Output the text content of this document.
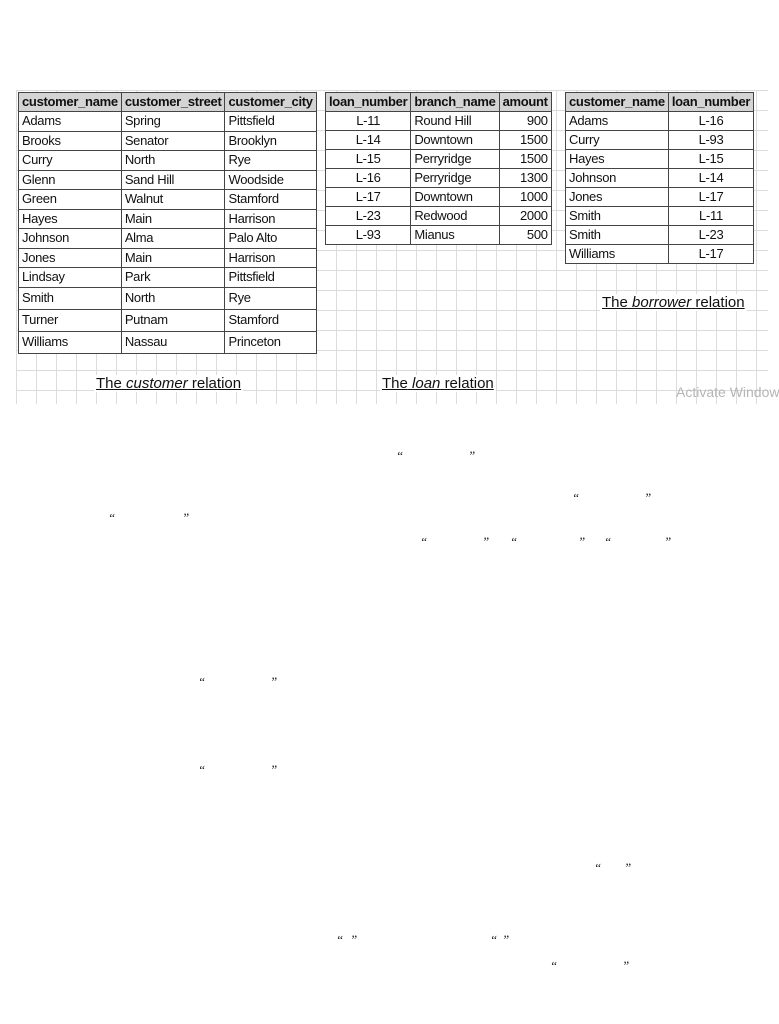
customer_name	customer_street	customer_city
Adams	Spring	Pittsfield
Brooks	Senator	Brooklyn
Curry	North	Rye
Glenn	Sand Hill	Woodside
Green	Walnut	Stamford
Hayes	Main	Harrison
Johnson	Alma	Palo Alto
Jones	Main	Harrison
Lindsay	Park	Pittsfield
Smith	North	Rye
Turner	Putnam	Stamford
Williams	Nassau	Princeton
loan_number	branch_name	amount
L-11	Round Hill	900
L-14	Downtown	1500
L-15	Perryridge	1500
L-16	Perryridge	1300
L-17	Downtown	1000
L-23	Redwood	2000
L-93	Mianus	500
customer_name	loan_number
Adams	L-16
Curry	L-93
Hayes	L-15
Johnson	L-14
Jones	L-17
Smith	L-11
Smith	L-23
Williams	L-17
The customer relation	The loan relation
The borrower relation
Activate Window
“	”
“	”
“	”
“	” “	” “	”
“	”
“	”
“ ”
“ ”	“ ”
“	”
